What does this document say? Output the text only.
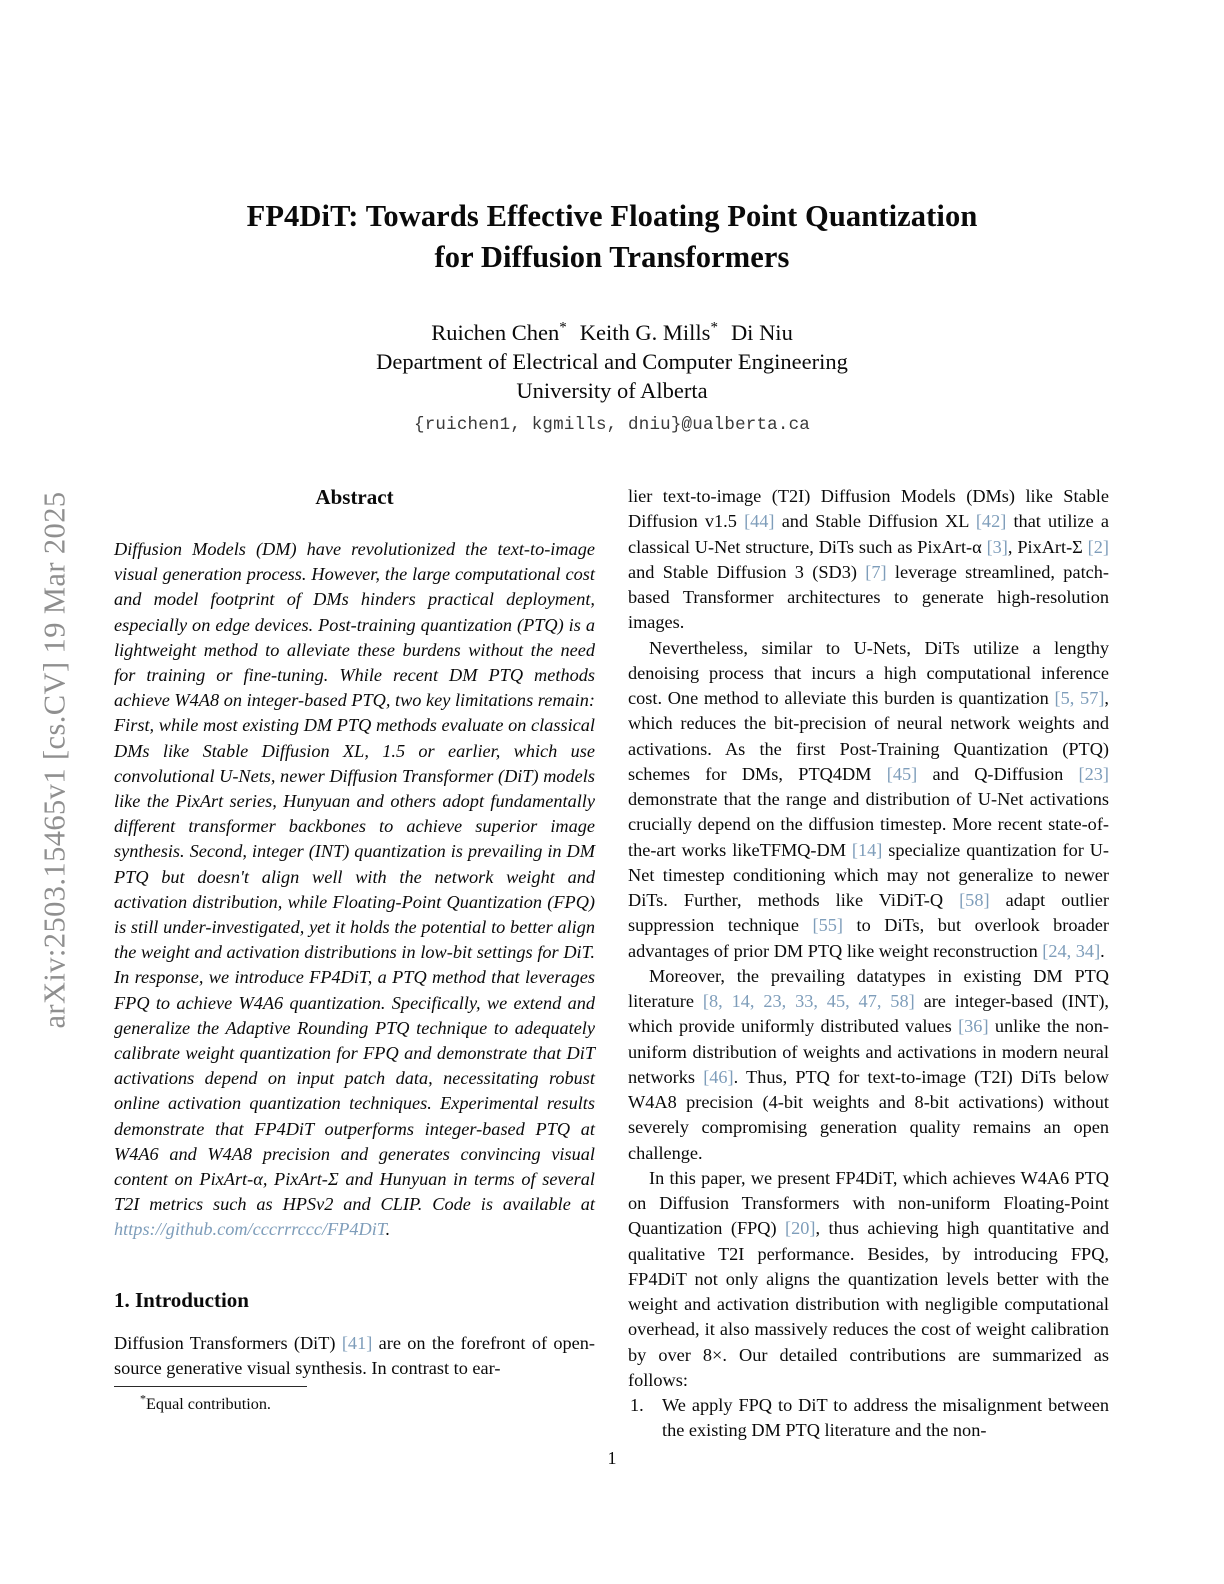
arXiv:2503.15465v1 [cs.CV] 19 Mar 2025
FP4DiT: Towards Effective Floating Point Quantization
for Diffusion Transformers
Ruichen Chen* Keith G. Mills* Di Niu
Department of Electrical and Computer Engineering
University of Alberta
{ruichen1, kgmills, dniu}@ualberta.ca
Abstract

Diffusion Models (DM) have revolutionized the text-to-image visual generation process. However, the large computational cost and model footprint of DMs hinders practical deployment, especially on edge devices. Post-training quantization (PTQ) is a lightweight method to alleviate these burdens without the need for training or fine-tuning. While recent DM PTQ methods achieve W4A8 on integer-based PTQ, two key limitations remain: First, while most existing DM PTQ methods evaluate on classical DMs like Stable Diffusion XL, 1.5 or earlier, which use convolutional U-Nets, newer Diffusion Transformer (DiT) models like the PixArt series, Hunyuan and others adopt fundamentally different transformer backbones to achieve superior image synthesis. Second, integer (INT) quantization is prevailing in DM PTQ but doesn't align well with the network weight and activation distribution, while Floating-Point Quantization (FPQ) is still under-investigated, yet it holds the potential to better align the weight and activation distributions in low-bit settings for DiT. In response, we introduce FP4DiT, a PTQ method that leverages FPQ to achieve W4A6 quantization. Specifically, we extend and generalize the Adaptive Rounding PTQ technique to adequately calibrate weight quantization for FPQ and demonstrate that DiT activations depend on input patch data, necessitating robust online activation quantization techniques. Experimental results demonstrate that FP4DiT outperforms integer-based PTQ at W4A6 and W4A8 precision and generates convincing visual content on PixArt-α, PixArt-Σ and Hunyuan in terms of several T2I metrics such as HPSv2 and CLIP. Code is available at https://github.com/cccrrrccc/FP4DiT.

1. Introduction

Diffusion Transformers (DiT) [41] are on the forefront of open-source generative visual synthesis. In contrast to ear-

lier text-to-image (T2I) Diffusion Models (DMs) like Stable Diffusion v1.5 [44] and Stable Diffusion XL [42] that utilize a classical U-Net structure, DiTs such as PixArt-α [3], PixArt-Σ [2] and Stable Diffusion 3 (SD3) [7] leverage streamlined, patch-based Transformer architectures to generate high-resolution images.

Nevertheless, similar to U-Nets, DiTs utilize a lengthy denoising process that incurs a high computational inference cost. One method to alleviate this burden is quantization [5, 57], which reduces the bit-precision of neural network weights and activations. As the first Post-Training Quantization (PTQ) schemes for DMs, PTQ4DM [45] and Q-Diffusion [23] demonstrate that the range and distribution of U-Net activations crucially depend on the diffusion timestep. More recent state-of-the-art works likeTFMQ-DM [14] specialize quantization for U-Net timestep conditioning which may not generalize to newer DiTs. Further, methods like ViDiT-Q [58] adapt outlier suppression technique [55] to DiTs, but overlook broader advantages of prior DM PTQ like weight reconstruction [24, 34].

Moreover, the prevailing datatypes in existing DM PTQ literature [8, 14, 23, 33, 45, 47, 58] are integer-based (INT), which provide uniformly distributed values [36] unlike the non-uniform distribution of weights and activations in modern neural networks [46]. Thus, PTQ for text-to-image (T2I) DiTs below W4A8 precision (4-bit weights and 8-bit activations) without severely compromising generation quality remains an open challenge.

In this paper, we present FP4DiT, which achieves W4A6 PTQ on Diffusion Transformers with non-uniform Floating-Point Quantization (FPQ) [20], thus achieving high quantitative and qualitative T2I performance. Besides, by introducing FPQ, FP4DiT not only aligns the quantization levels better with the weight and activation distribution with negligible computational overhead, it also massively reduces the cost of weight calibration by over 8×. Our detailed contributions are summarized as follows:

1. We apply FPQ to DiT to address the misalignment between the existing DM PTQ literature and the non-

*Equal contribution.

1
